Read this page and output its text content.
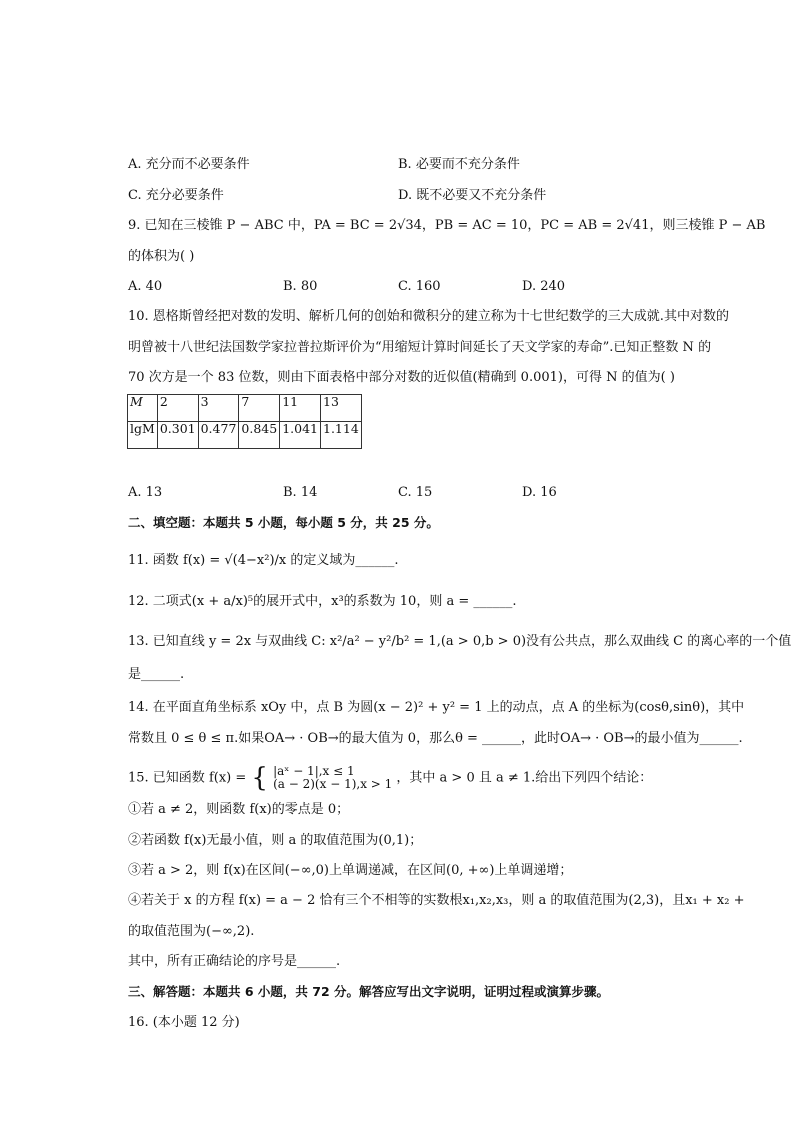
A. 充分而不必要条件	B. 必要而不充分条件
C. 充分必要条件	D. 既不必要又不充分条件
9. 已知在三棱锥 P − ABC 中，PA = BC = 2√34，PB = AC = 10，PC = AB = 2√41，则三棱锥 P − AB
的体积为( )
A. 40	B. 80	C. 160	D. 240
10. 恩格斯曾经把对数的发明、解析几何的创始和微积分的建立称为十七世纪数学的三大成就.其中对数的
明曾被十八世纪法国数学家拉普拉斯评价为“用缩短计算时间延长了天文学家的寿命”.已知正整数 N 的
70 次方是一个 83 位数，则由下面表格中部分对数的近似值(精确到 0.001)，可得 N 的值为( )
M	2	3	7	11	13
lgM	0.301	0.477	0.845	1.041	1.114
A. 13	B. 14	C. 15	D. 16
二、填空题：本题共 5 小题，每小题 5 分，共 25 分。
11. 函数 f(x) = √(4−x²)/x 的定义域为______.
12. 二项式(x + a/x)⁵的展开式中，x³的系数为 10，则 a = ______.
13. 已知直线 y = 2x 与双曲线 C: x²/a² − y²/b² = 1,(a > 0,b > 0)没有公共点，那么双曲线 C 的离心率的一个值
是______.
14. 在平面直角坐标系 xOy 中，点 B 为圆(x − 2)² + y² = 1 上的动点，点 A 的坐标为(cosθ,sinθ)，其中
常数且 0 ≤ θ ≤ π.如果OA→ · OB→的最大值为 0，那么θ = ______，此时OA→ · OB→的最小值为______.
15. 已知函数 f(x) = { |aˣ − 1|,x ≤ 1
(a − 2)(x − 1),x > 1 ，其中 a > 0 且 a ≠ 1.给出下列四个结论：
①若 a ≠ 2，则函数 f(x)的零点是 0；
②若函数 f(x)无最小值，则 a 的取值范围为(0,1)；
③若 a > 2，则 f(x)在区间(−∞,0)上单调递减，在区间(0, +∞)上单调递增；
④若关于 x 的方程 f(x) = a − 2 恰有三个不相等的实数根x₁,x₂,x₃，则 a 的取值范围为(2,3)，且x₁ + x₂ +
的取值范围为(−∞,2).
其中，所有正确结论的序号是______.
三、解答题：本题共 6 小题，共 72 分。解答应写出文字说明，证明过程或演算步骤。
16. (本小题 12 分)
